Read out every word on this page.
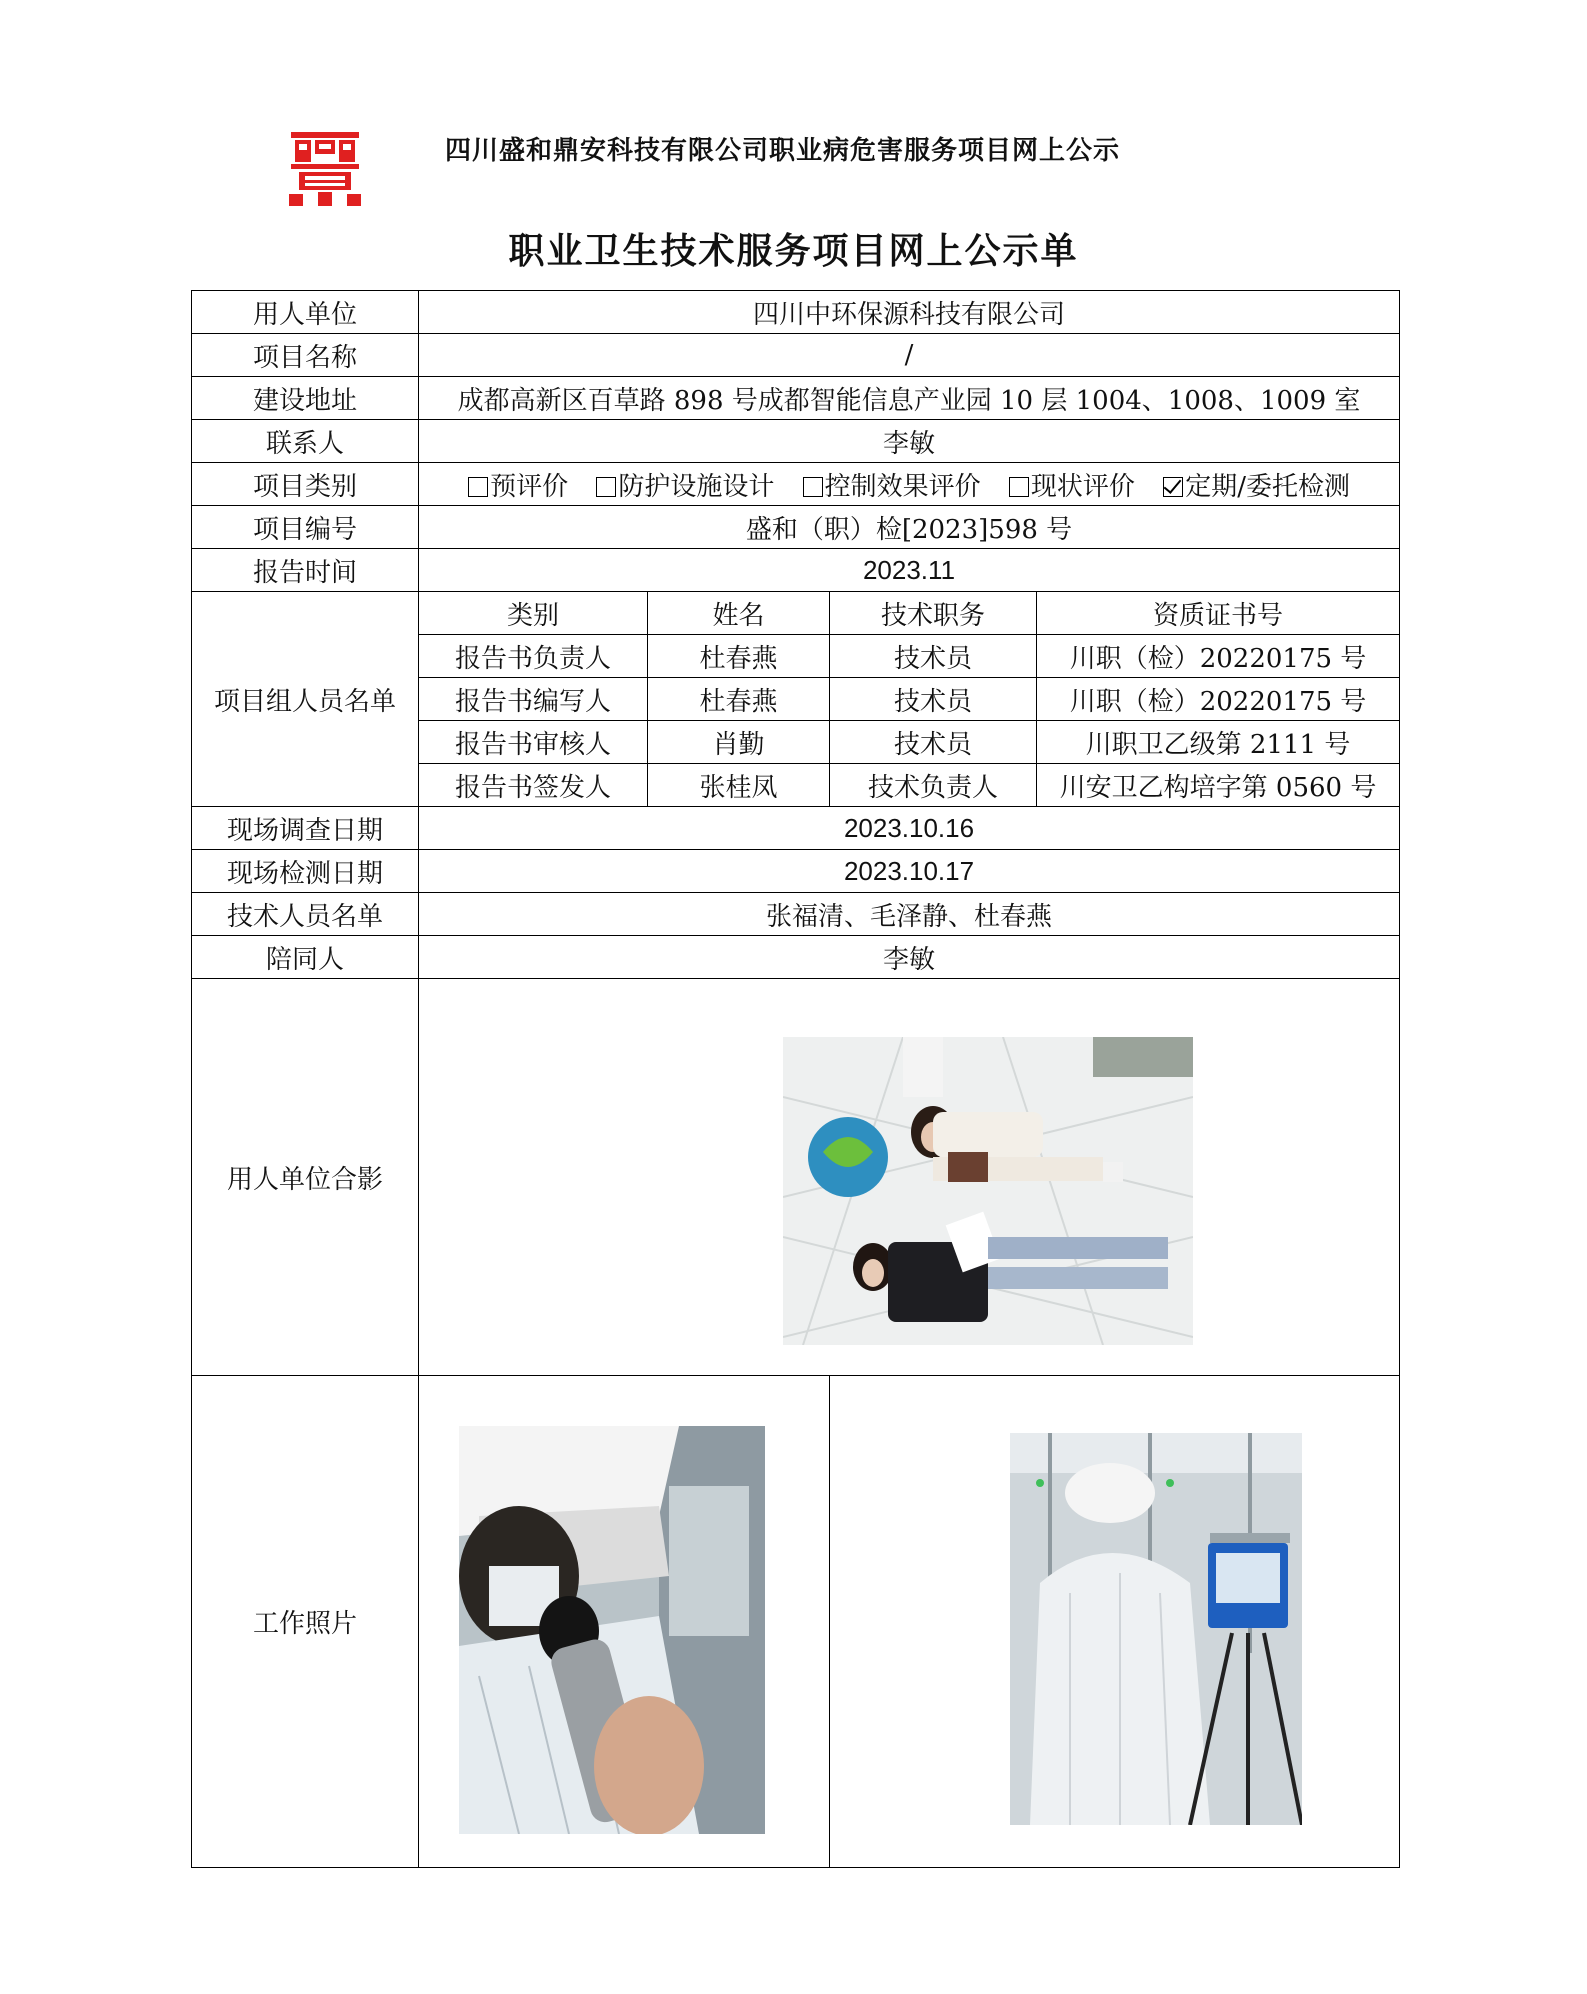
四川盛和鼎安科技有限公司职业病危害服务项目网上公示
职业卫生技术服务项目网上公示单
用人单位	四川中环保源科技有限公司			
项目名称	/			
建设地址	成都高新区百草路 898 号成都智能信息产业园 10 层 1004、1008、1009 室			
联系人	李敏			
项目类别	预评价 防护设施设计 控制效果评价 现状评价 定期/委托检测			
项目编号	盛和（职）检[2023]598 号			
报告时间	2023.11			
项目组人员名单	类别	姓名	技术职务	资质证书号
	报告书负责人	杜春燕	技术员	川职（检）20220175 号
	报告书编写人	杜春燕	技术员	川职（检）20220175 号
	报告书审核人	肖勤	技术员	川职卫乙级第 2111 号
	报告书签发人	张桂凤	技术负责人	川安卫乙构培字第 0560 号
现场调查日期	2023.10.16			
现场检测日期	2023.10.17			
技术人员名单	张福清、毛泽静、杜春燕			
陪同人	李敏			
用人单位合影				
工作照片				
